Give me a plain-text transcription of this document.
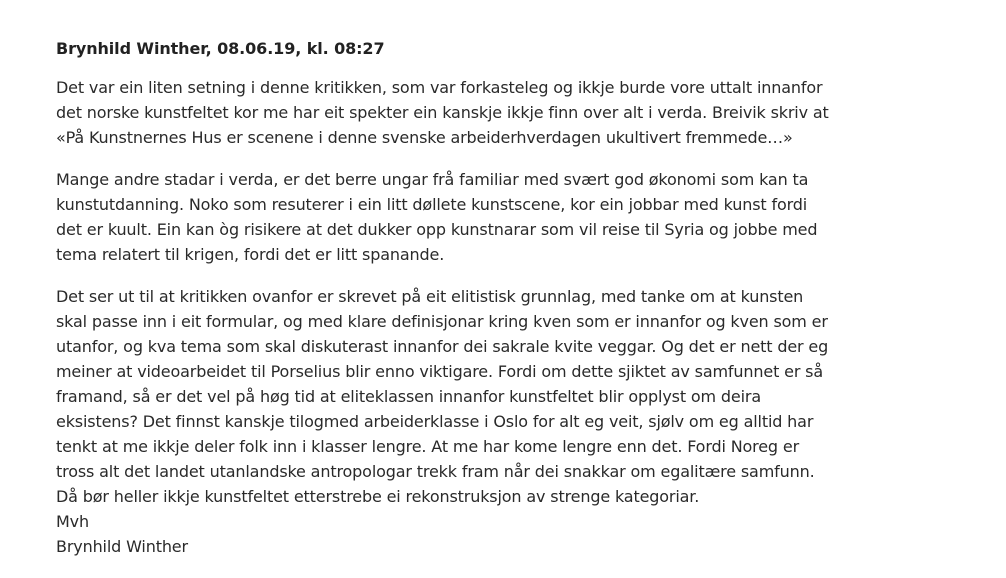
Brynhild Winther, 08.06.19, kl. 08:27

Det var ein liten setning i denne kritikken, som var forkasteleg og ikkje burde vore uttalt innanfor
det norske kunstfeltet kor me har eit spekter ein kanskje ikkje finn over alt i verda. Breivik skriv at
«På Kunstnernes Hus er scenene i denne svenske arbeiderhverdagen ukultivert fremmede…»

Mange andre stadar i verda, er det berre ungar frå familiar med svært god økonomi som kan ta
kunstutdanning. Noko som resuterer i ein litt døllete kunstscene, kor ein jobbar med kunst fordi
det er kuult. Ein kan òg risikere at det dukker opp kunstnarar som vil reise til Syria og jobbe med
tema relatert til krigen, fordi det er litt spanande.

Det ser ut til at kritikken ovanfor er skrevet på eit elitistisk grunnlag, med tanke om at kunsten
skal passe inn i eit formular, og med klare definisjonar kring kven som er innanfor og kven som er
utanfor, og kva tema som skal diskuterast innanfor dei sakrale kvite veggar. Og det er nett der eg
meiner at videoarbeidet til Porselius blir enno viktigare. Fordi om dette sjiktet av samfunnet er så
framand, så er det vel på høg tid at eliteklassen innanfor kunstfeltet blir opplyst om deira
eksistens? Det finnst kanskje tilogmed arbeiderklasse i Oslo for alt eg veit, sjølv om eg alltid har
tenkt at me ikkje deler folk inn i klasser lengre. At me har kome lengre enn det. Fordi Noreg er
tross alt det landet utanlandske antropologar trekk fram når dei snakkar om egalitære samfunn.
Då bør heller ikkje kunstfeltet etterstrebe ei rekonstruksjon av strenge kategoriar.
Mvh
Brynhild Winther
